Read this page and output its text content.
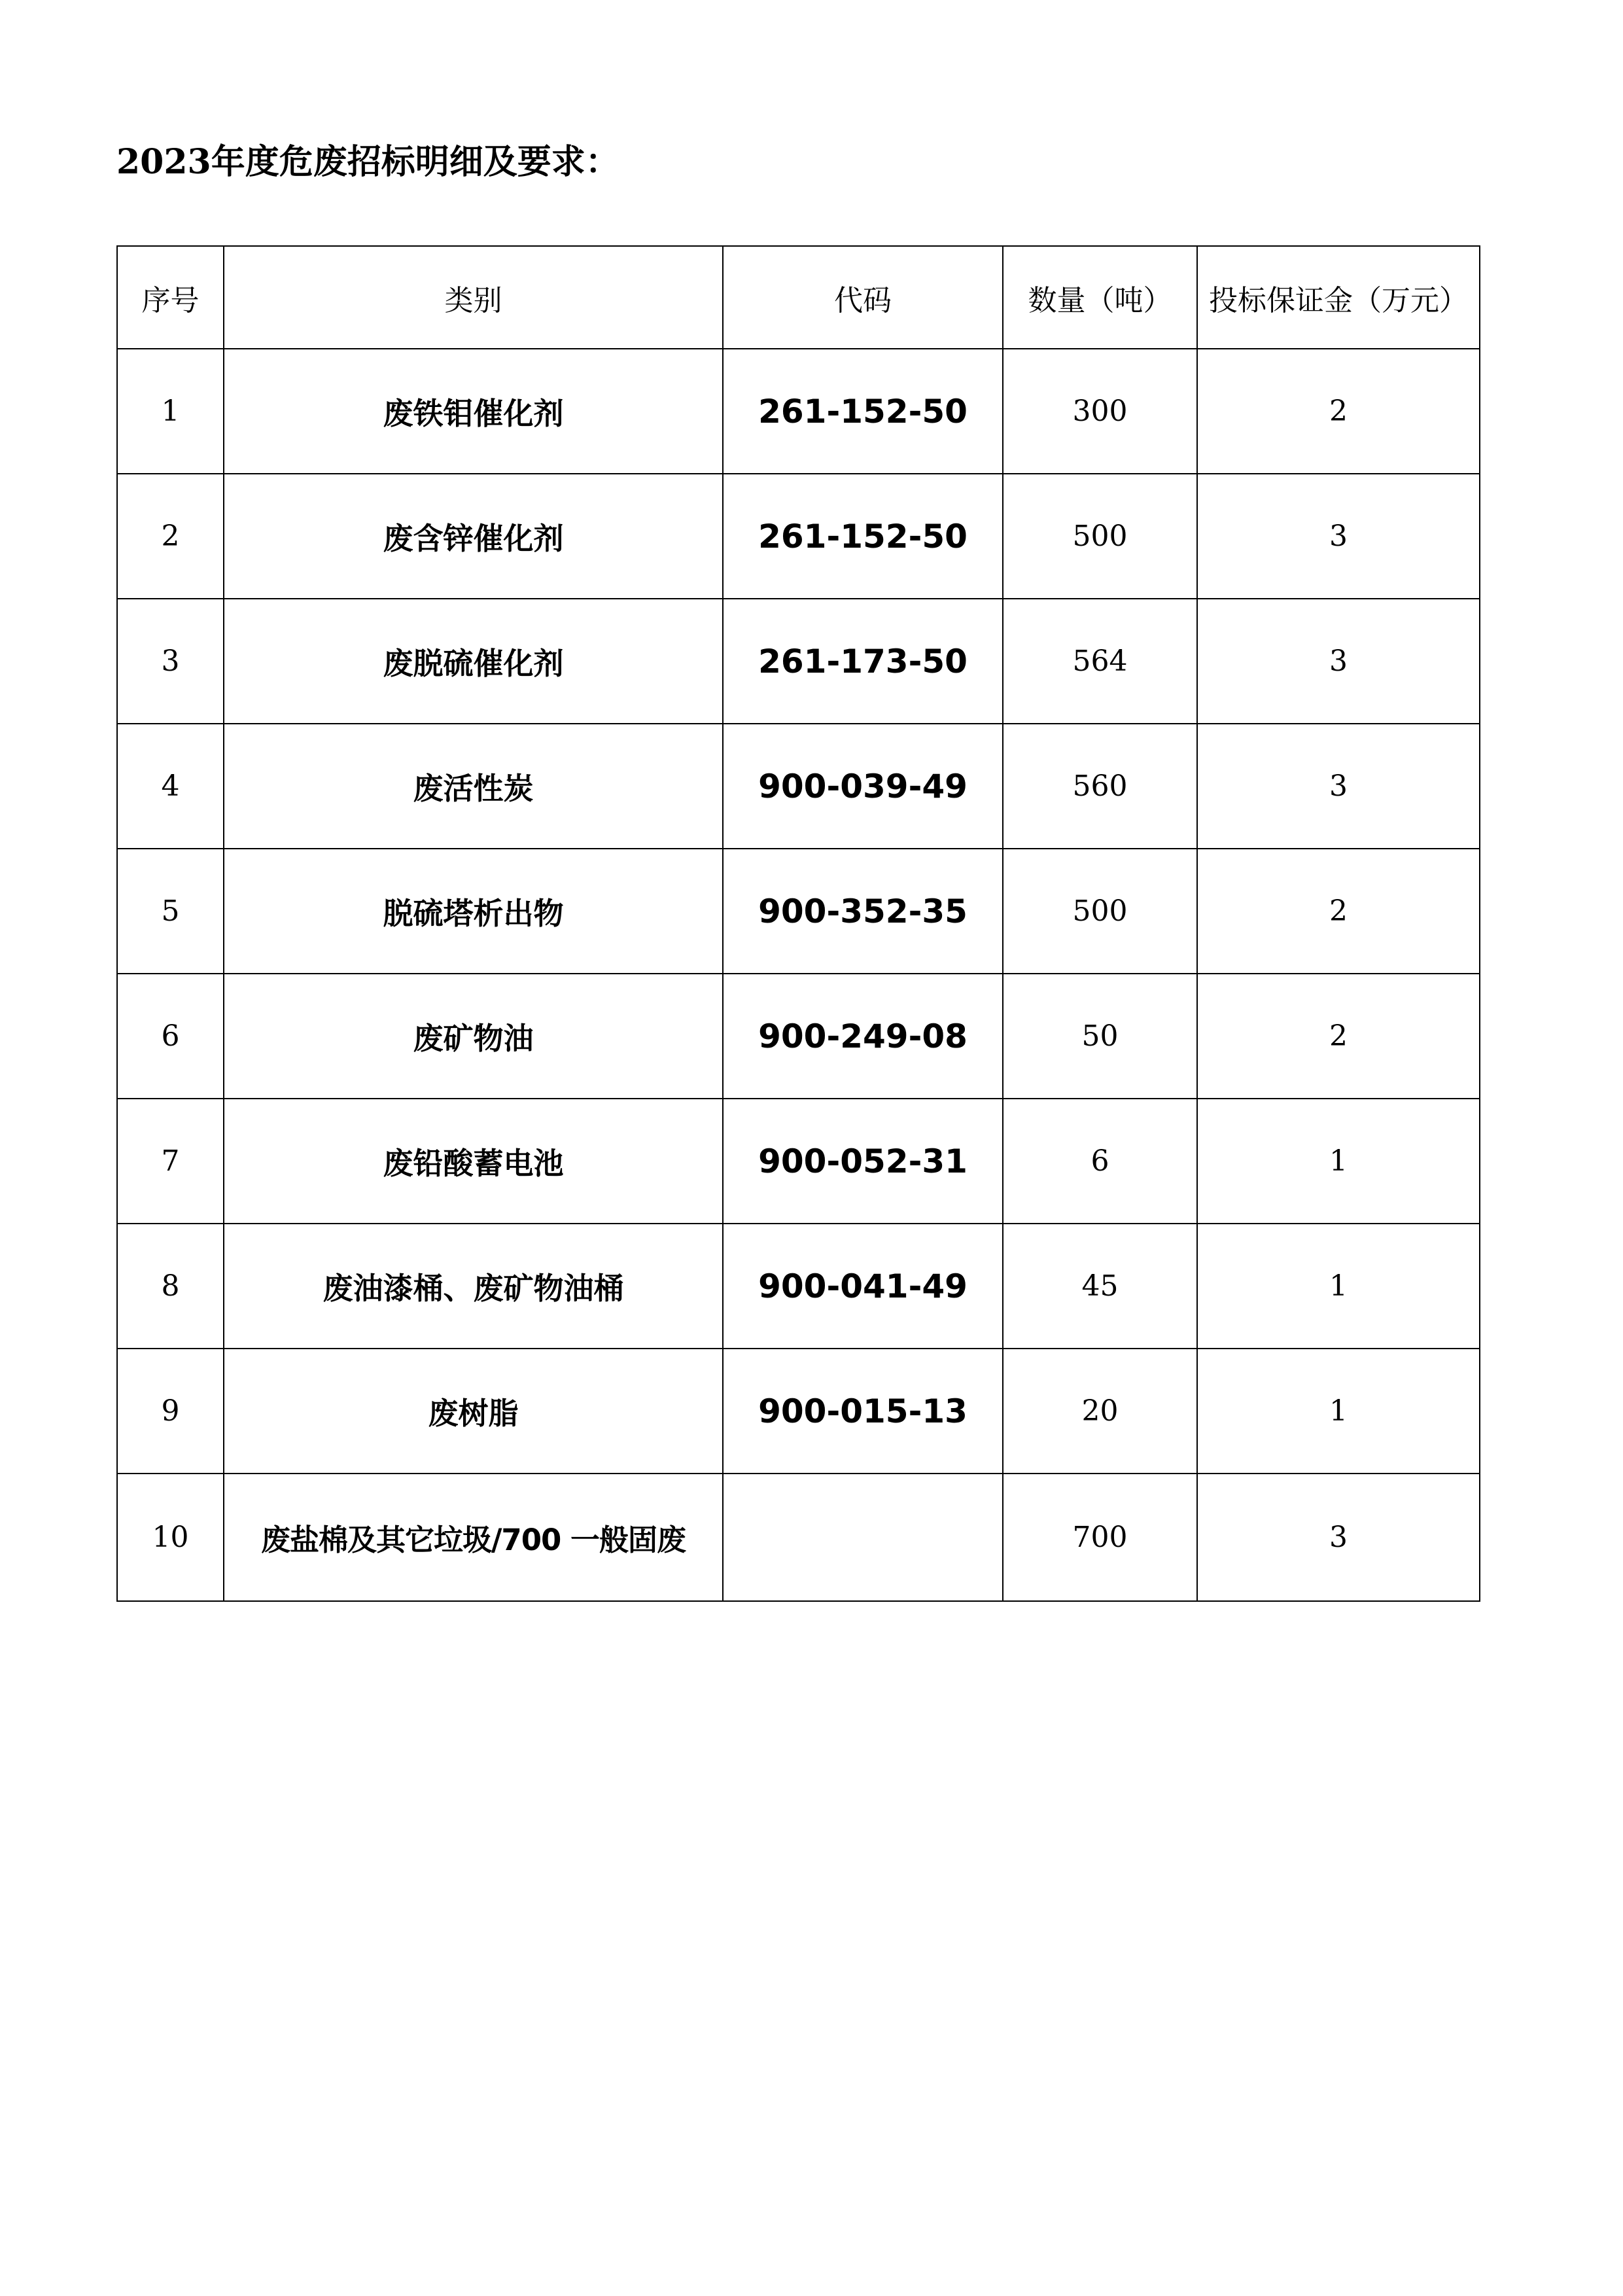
2023年度危废招标明细及要求：
序号	类别	代码	数量（吨）	投标保证金（万元）
1	废铁钼催化剂	261-152-50	300	2
2	废含锌催化剂	261-152-50	500	3
3	废脱硫催化剂	261-173-50	564	3
4	废活性炭	900-039-49	560	3
5	脱硫塔析出物	900-352-35	500	2
6	废矿物油	900-249-08	50	2
7	废铅酸蓄电池	900-052-31	6	1
8	废油漆桶、废矿物油桶	900-041-49	45	1
9	废树脂	900-015-13	20	1
10	废盐棉及其它垃圾/700 一般固废		700	3
